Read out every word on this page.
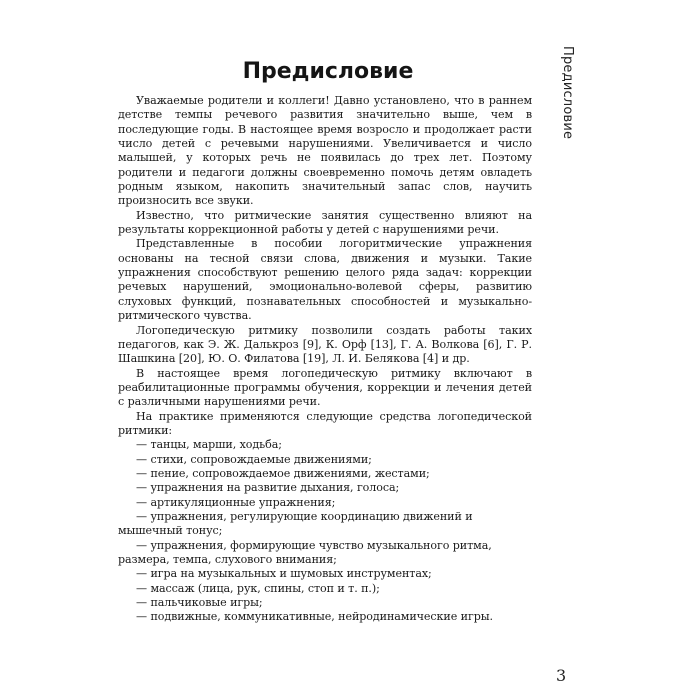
Предисловие	Предисловие

Уважаемые родители и коллеги! Давно установлено, что в раннем детстве темпы речевого развития значительно выше, чем в последующие годы. В настоящее время возросло и продолжает расти число детей с речевыми нарушениями. Увеличивается и число малышей, у которых речь не появилась до трех лет. Поэтому родители и педагоги должны своевременно помочь детям овладеть родным языком, накопить значительный запас слов, научить произносить все звуки.

Известно, что ритмические занятия существенно влияют на результаты коррекционной работы у детей с нарушениями речи.

Представленные в пособии логоритмические упражнения основаны на тесной связи слова, движения и музыки. Такие упражнения способствуют решению целого ряда задач: коррекции речевых нарушений, эмоционально-волевой сферы, развитию слуховых функций, познавательных способностей и музыкально-ритмического чувства.

Логопедическую ритмику позволили создать работы таких педагогов, как Э. Ж. Далькроз [9], К. Орф [13], Г. А. Волкова [6], Г. Р. Шашкина [20], Ю. О. Филатова [19], Л. И. Белякова [4] и др.

В настоящее время логопедическую ритмику включают в реабилитационные программы обучения, коррекции и лечения детей с различными нарушениями речи.

На практике применяются следующие средства логопедической ритмики:

— танцы, марши, ходьба;
— стихи, сопровождаемые движениями;
— пение, сопровождаемое движениями, жестами;
— упражнения на развитие дыхания, голоса;
— артикуляционные упражнения;
— упражнения, регулирующие координацию движений и мышечный тонус;
— упражнения, формирующие чувство музыкального ритма, размера, темпа, слухового внимания;
— игра на музыкальных и шумовых инструментах;
— массаж (лица, рук, спины, стоп и т. п.);
— пальчиковые игры;
— подвижные, коммуникативные, нейродинамические игры.
3
